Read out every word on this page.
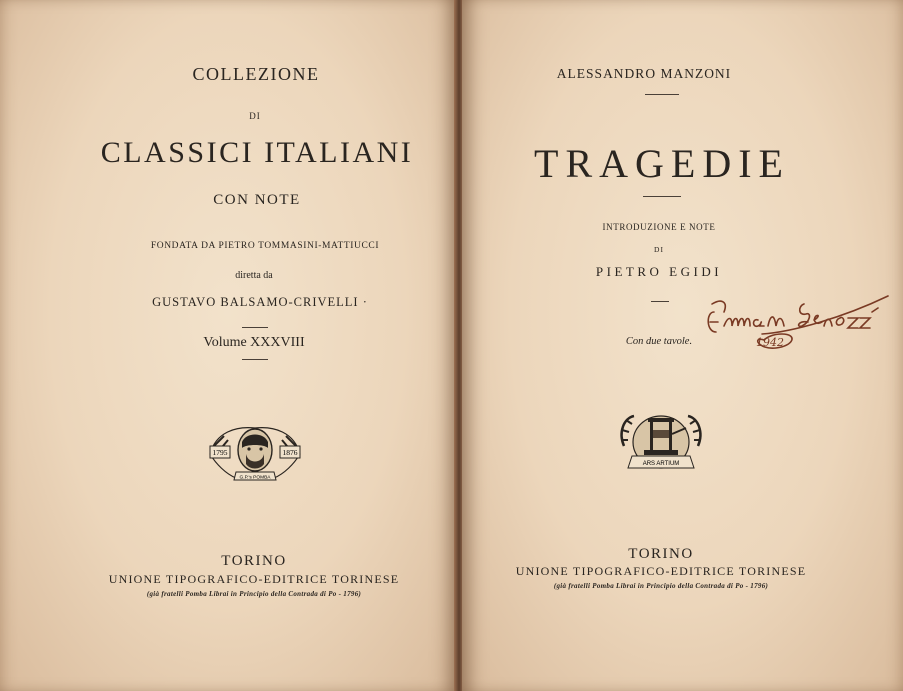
COLLEZIONE
DI
CLASSICI ITALIANI
CON NOTE
FONDATA DA PIETRO TOMMASINI-MATTIUCCI
diretta da
GUSTAVO BALSAMO-CRIVELLI ·
Volume XXXVIII
1795	1876
G.P.'s POMBA
TORINO
UNIONE TIPOGRAFICO-EDITRICE TORINESE
(già fratelli Pomba Librai in Principio della Contrada di Po - 1796)
ALESSANDRO MANZONI
TRAGEDIE
INTRODUZIONE E NOTE
DI
PIETRO EGIDI
Con due tavole.	1942
ARS ARTIUM
TORINO
UNIONE TIPOGRAFICO-EDITRICE TORINESE
(già fratelli Pomba Librai in Principio della Contrada di Po - 1796)
